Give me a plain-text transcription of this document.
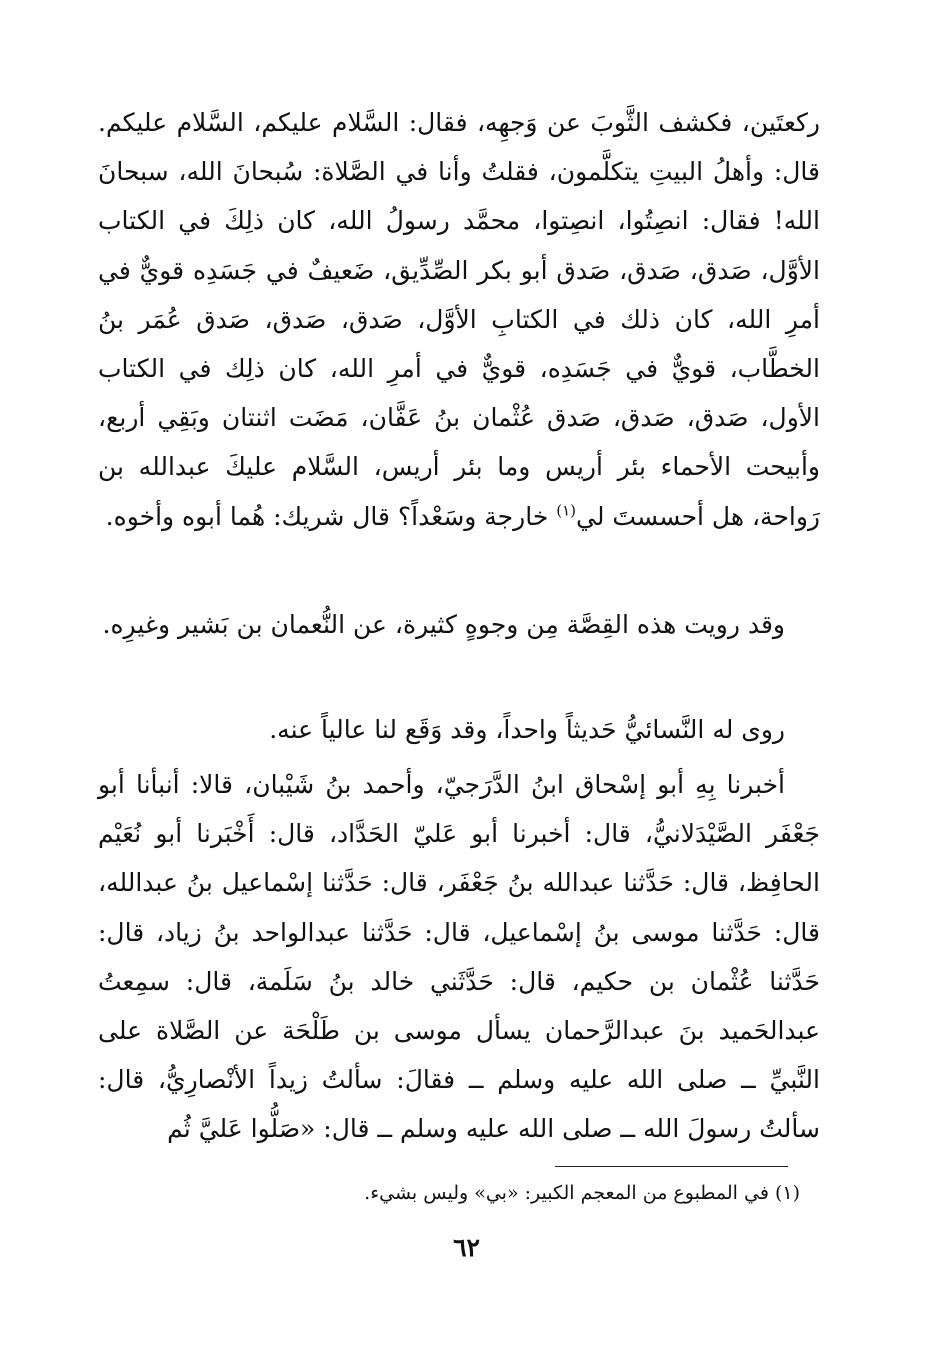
ركعتَين، فكشف الثَّوبَ عن وَجهِه، فقال: السَّلام عليكم، السَّلام عليكم. قال: وأهلُ البيتِ يتكلَّمون، فقلتُ وأنا في الصَّلاة: سُبحانَ الله، سبحانَ الله! فقال: انصِتُوا، انصِتوا، محمَّد رسولُ الله، كان ذلِكَ في الكتاب الأوَّل، صَدق، صَدق، صَدق أبو بكر الصِّدِّيق، ضَعيفٌ في جَسَدِه قويٌّ في أمرِ الله، كان ذلك في الكتابِ الأوَّل، صَدق، صَدق، صَدق عُمَر بنُ الخطَّاب، قويٌّ في جَسَدِه، قويٌّ في أمرِ الله، كان ذلِك في الكتاب الأول، صَدق، صَدق، صَدق عُثْمان بنُ عَفَّان، مَضَت اثنتان وبَقِي أربع، وأبيحت الأحماء بئر أريس وما بئر أريس، السَّلام عليكَ عبدالله بن رَواحة، هل أحسستَ لي$^{(١)}$ خارجة وسَعْداً؟ قال شريك: هُما أبوه وأخوه.

وقد رويت هذه القِصَّة مِن وجوهٍ كثيرة، عن النُّعمان بن بَشير وغيرِه.

روى له النَّسائيُّ حَديثاً واحداً، وقد وَقَع لنا عالياً عنه.

أخبرنا بِهِ أبو إسْحاق ابنُ الدَّرَجيّ، وأحمد بنُ شَيْبان، قالا: أنبأنا أبو جَعْفَر الصَّيْدَلانيُّ، قال: أخبرنا أبو عَليّ الحَدَّاد، قال: أَخْبَرنا أبو نُعَيْم الحافِظ، قال: حَدَّثنا عبدالله بنُ جَعْفَر، قال: حَدَّثنا إسْماعيل بنُ عبدالله، قال: حَدَّثنا موسى بنُ إسْماعيل، قال: حَدَّثنا عبدالواحد بنُ زياد، قال: حَدَّثنا عُثْمان بن حكيم، قال: حَدَّثَني خالد بنُ سَلَمة، قال: سمِعتُ عبدالحَميد بنَ عبدالرَّحمان يسأل موسى بن طَلْحَة عن الصَّلاة على النَّبيِّ ــ صلى الله عليه وسلم ــ فقالَ: سألتُ زيداً الأنْصارِيُّ، قال: سألتُ رسولَ الله ــ صلى الله عليه وسلم ــ قال: «صَلُّوا عَليَّ ثُم

(١) في المطبوع من المعجم الكبير: «بي» وليس بشيء.
٦٢
